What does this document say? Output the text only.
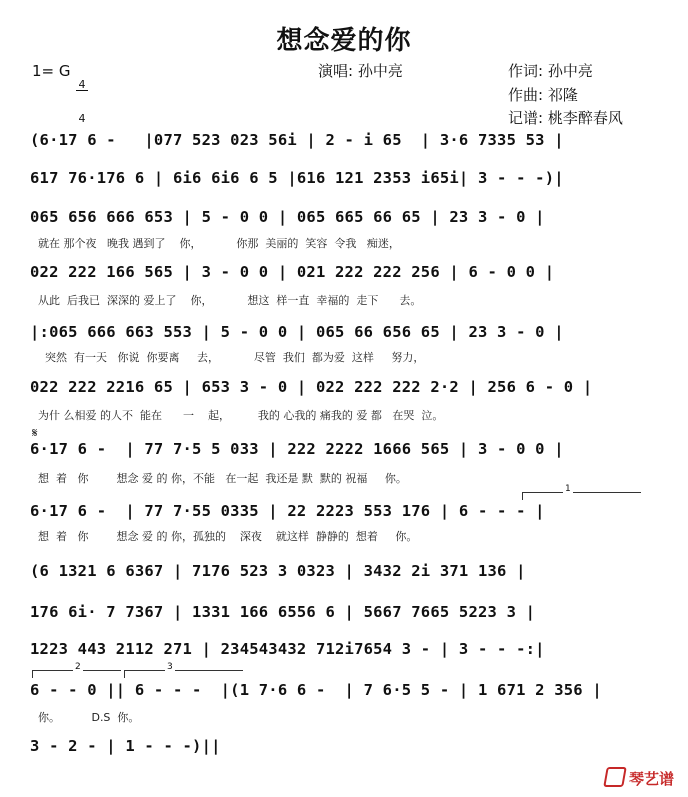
想念爱的你
1= G

4

4

演唱: 孙中亮	作词: 孙中亮
作曲: 祁隆
记谱: 桃李醉春风
(6·17 6 -   |077 523 023 56i | 2 - i 65  | 3·6 7335 53 |
617 76·176 6 | 6i6 6i6 6 5 |616 121 2353 i65i| 3 - - -)|
065 656 666 653 | 5 - 0 0 | 065 665 66 65 | 23 3 - 0 |
就在 那个夜   晚我 遇到了    你，          你那  美丽的  笑容  令我   痴迷，
022 222 166 565 | 3 - 0 0 | 021 222 222 256 | 6 - 0 0 |
从此  后我已  深深的 爱上了    你，          想这  样一直  幸福的  走下      去。
|:065 666 663 553 | 5 - 0 0 | 065 66 656 65 | 23 3 - 0 |
突然  有一天   你说  你要离     去，          尽管  我们  都为爱  这样     努力，
022 222 2216 65 | 653 3 - 0 | 022 222 222 2·2 | 256 6 - 0 |
为什 么相爱 的人不  能在      一    起，        我的 心我的 痛我的 爱 都   在哭  泣。
𝄋
6·17 6 -  | 77 7·5 5 033 | 222 2222 1666 565 | 3 - 0 0 |
想  着   你        想念 爱 的 你，不能   在一起  我还是 默  默的 祝福     你。
1
6·17 6 -  | 77 7·55 0335 | 22 2223 553 176 | 6 - - - |
想  着   你        想念 爱 的 你，孤独的    深夜    就这样  静静的  想着     你。
(6 1321 6 6367 | 7176 523 3 0323 | 3432 2i 371 136 |
176 6i· 7 7367 | 1331 166 6556 6 | 5667 7665 5223 3 |
1223 443 2112 271 | 234543432 712i7654 3 - | 3 - - -:|
2	3
6 - - 0 || 6 - - -  |(1 7·6 6 -  | 7 6·5 5 - | 1 671 2 356 |
你。         D.S  你。
3 - 2 - | 1 - - -)||

琴艺谱
